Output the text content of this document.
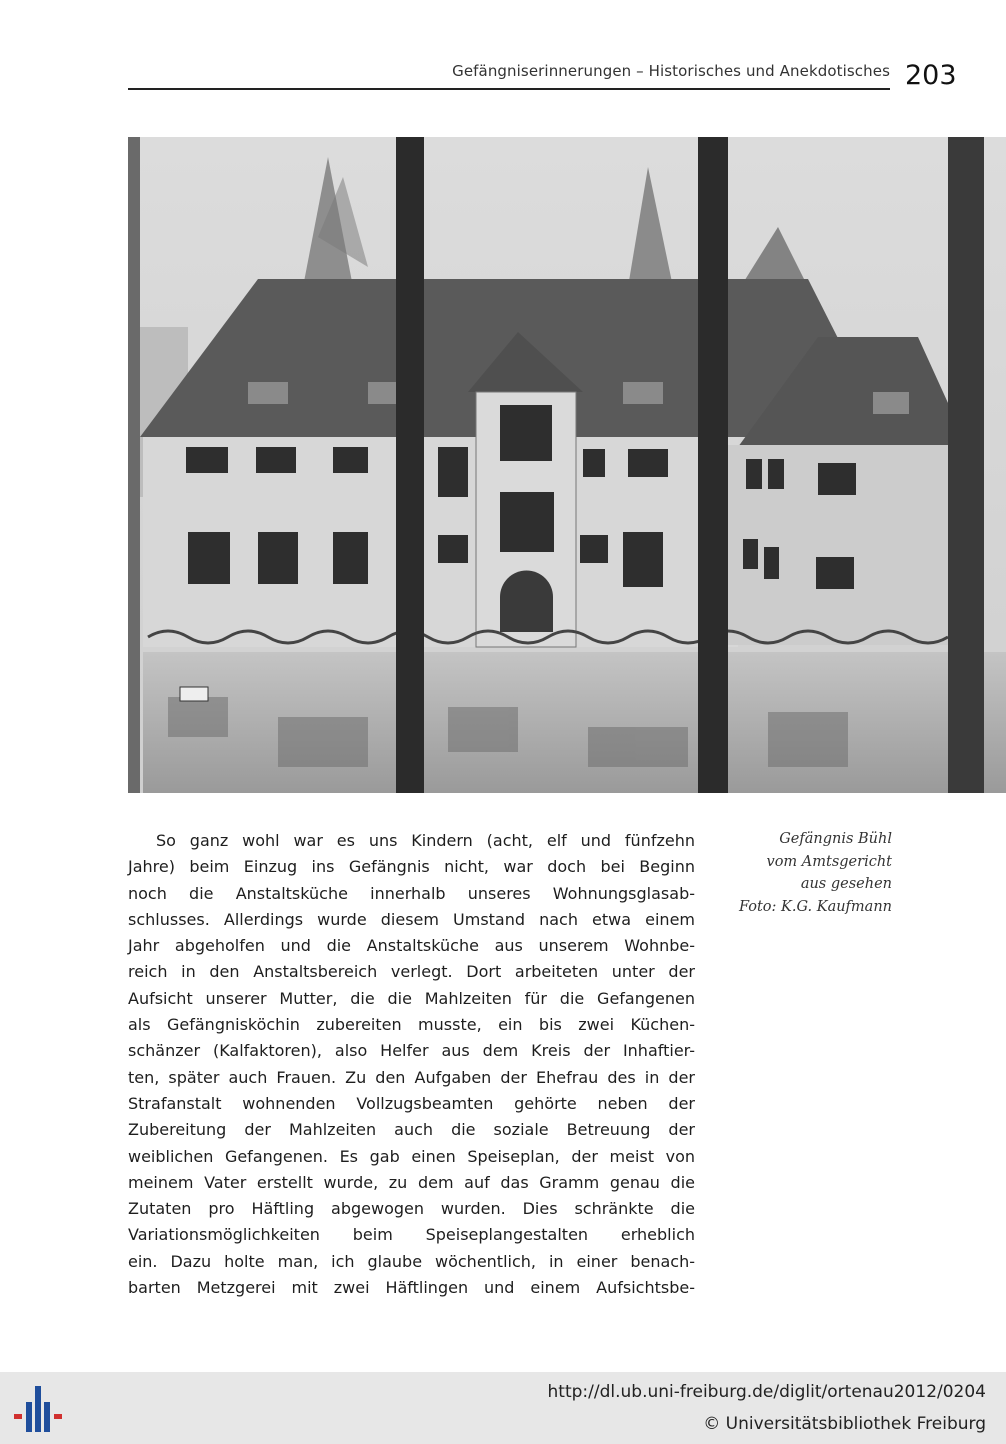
Gefängniserinnerungen – Historisches und Anekdotisches 203
Gefängnis Bühl
vom Amtsgericht
aus gesehen
Foto: K.G. Kaufmann
So ganz wohl war es uns Kindern (acht, elf und fünfzehn
Jahre) beim Einzug ins Gefängnis nicht, war doch bei Beginn
noch die Anstaltsküche innerhalb unseres Wohnungsglasab-
schlusses. Allerdings wurde diesem Umstand nach etwa einem
Jahr abgeholfen und die Anstaltsküche aus unserem Wohnbe-
reich in den Anstaltsbereich verlegt. Dort arbeiteten unter der
Aufsicht unserer Mutter, die die Mahlzeiten für die Gefangenen
als Gefängnisköchin zubereiten musste, ein bis zwei Küchen-
schänzer (Kalfaktoren), also Helfer aus dem Kreis der Inhaftier-
ten, später auch Frauen. Zu den Aufgaben der Ehefrau des in der
Strafanstalt wohnenden Vollzugsbeamten gehörte neben der
Zubereitung der Mahlzeiten auch die soziale Betreuung der
weiblichen Gefangenen. Es gab einen Speiseplan, der meist von
meinem Vater erstellt wurde, zu dem auf das Gramm genau die
Zutaten pro Häftling abgewogen wurden. Dies schränkte die
Variationsmöglichkeiten beim Speiseplangestalten erheblich
ein. Dazu holte man, ich glaube wöchentlich, in einer benach-
barten Metzgerei mit zwei Häftlingen und einem Aufsichtsbe-
http://dl.ub.uni-freiburg.de/diglit/ortenau2012/0204
© Universitätsbibliothek Freiburg
